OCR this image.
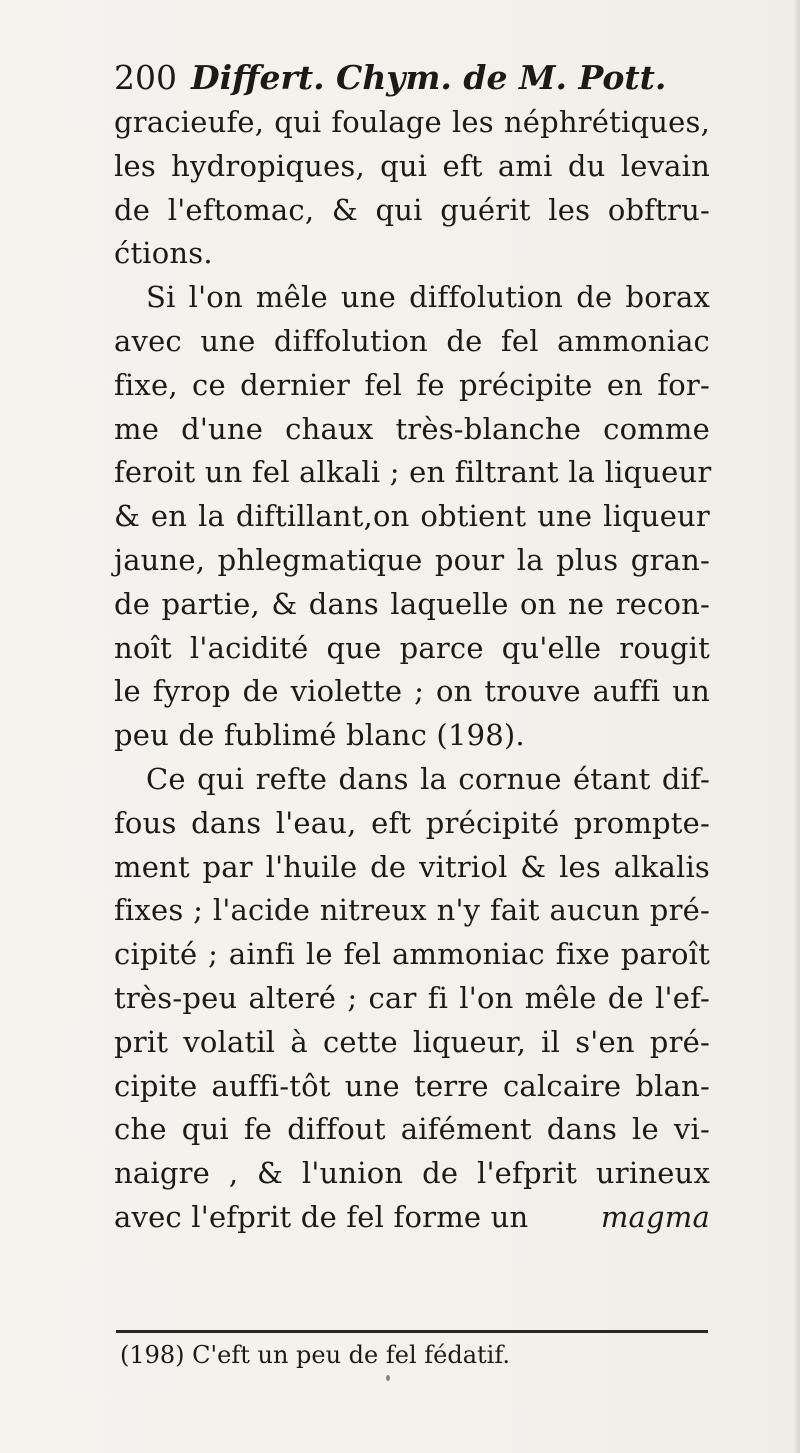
200 Differt. Chym. de M. Pott.
gracieufe, qui foulage les néphrétiques,
les hydropiques, qui eft ami du levain
de l'eftomac, & qui guérit les obftru-
ćtions.
Si l'on mêle une diffolution de borax
avec une diffolution de fel ammoniac
fixe, ce dernier fel fe précipite en for-
me d'une chaux très-blanche comme
feroit un fel alkali ; en filtrant la liqueur
& en la diftillant,on obtient une liqueur
jaune, phlegmatique pour la plus gran-
de partie, & dans laquelle on ne recon-
noît l'acidité que parce qu'elle rougit
le fyrop de violette ; on trouve auffi un
peu de fublimé blanc (198).
Ce qui refte dans la cornue étant dif-
fous dans l'eau, eft précipité prompte-
ment par l'huile de vitriol & les alkalis
fixes ; l'acide nitreux n'y fait aucun pré-
cipité ; ainfi le fel ammoniac fixe paroît
très-peu alteré ; car fi l'on mêle de l'ef-
prit volatil à cette liqueur, il s'en pré-
cipite auffi-tôt une terre calcaire blan-
che qui fe diffout aifément dans le vi-
naigre , & l'union de l'efprit urineux
avec l'efprit de fel forme un magma
(198) C'eft un peu de fel fédatif.
